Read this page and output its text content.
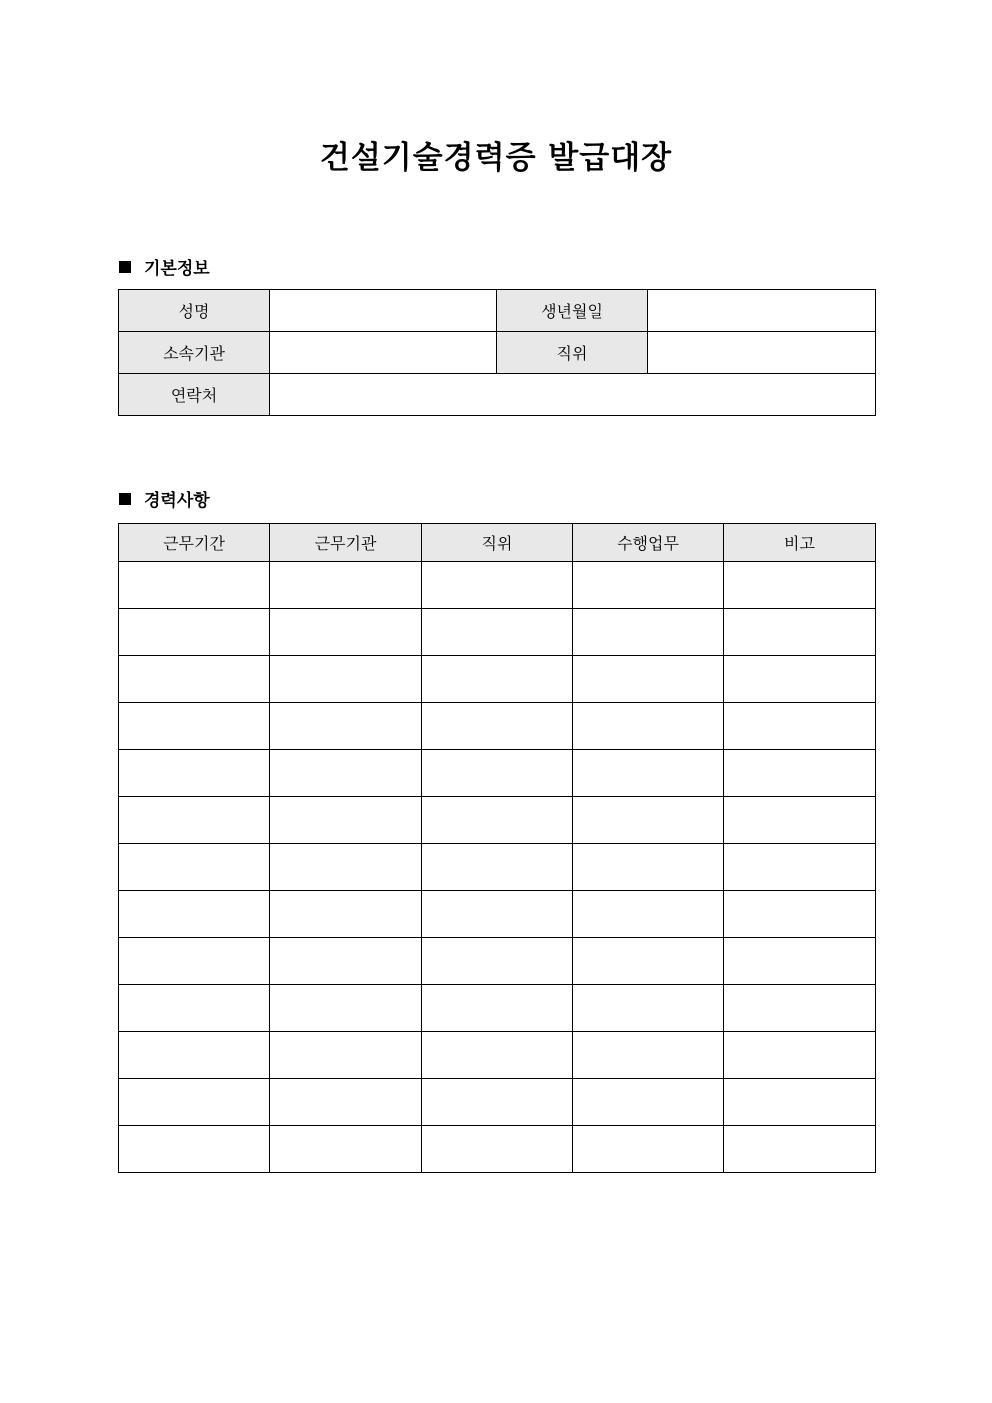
건설기술경력증 발급대장
기본정보
성명		생년월일	
소속기관		직위	
연락처			
경력사항
근무기간	근무기관	직위	수행업무	비고
